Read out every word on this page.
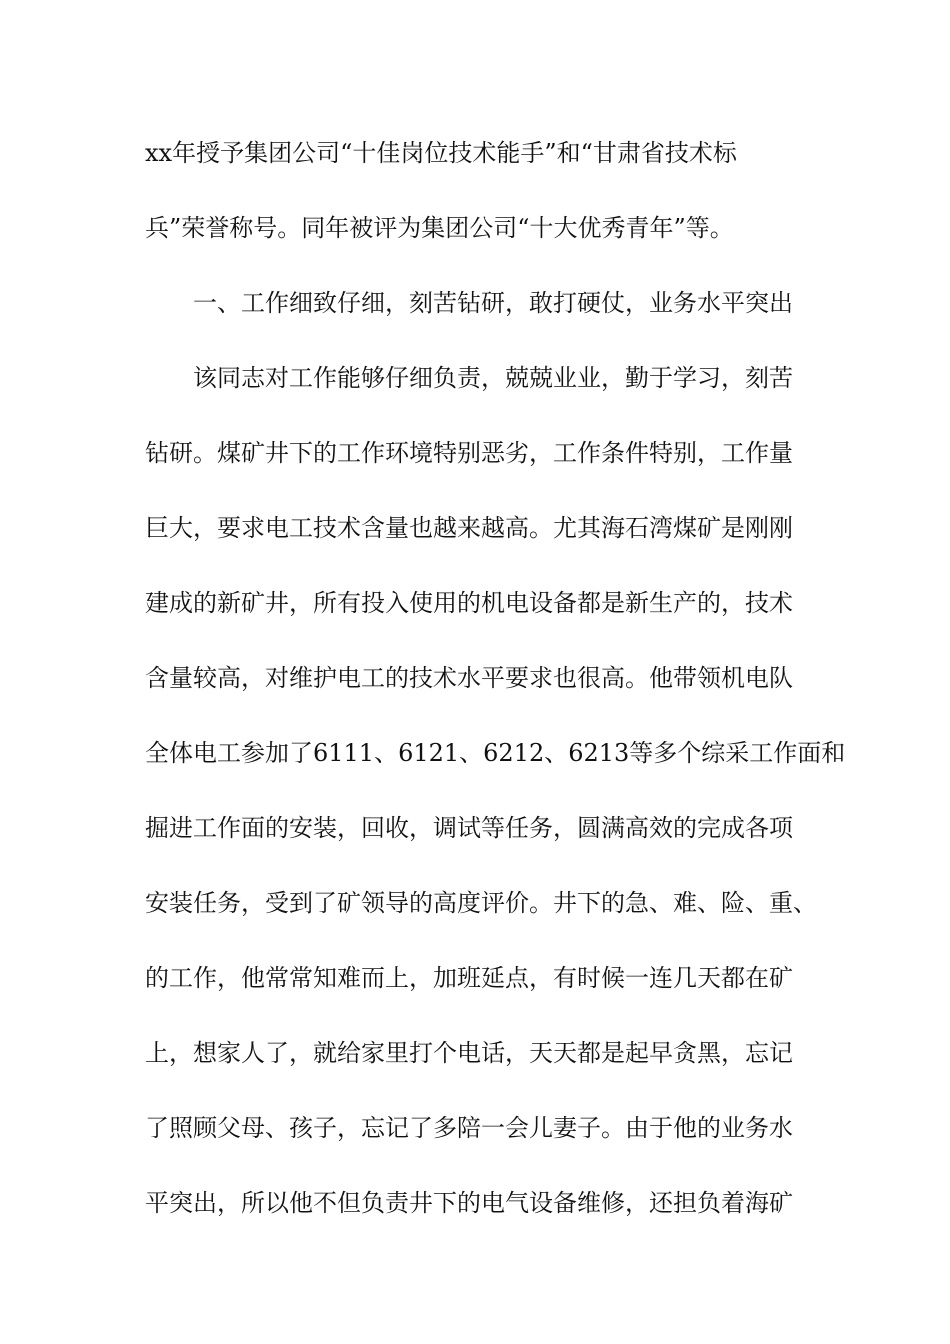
xx年授予集团公司“十佳岗位技术能手”和“甘肃省技术标
兵”荣誉称号。同年被评为集团公司“十大优秀青年”等。
一、工作细致仔细，刻苦钻研，敢打硬仗，业务水平突出
该同志对工作能够仔细负责，兢兢业业，勤于学习，刻苦
钻研。煤矿井下的工作环境特别恶劣，工作条件特别，工作量
巨大，要求电工技术含量也越来越高。尤其海石湾煤矿是刚刚
建成的新矿井，所有投入使用的机电设备都是新生产的，技术
含量较高，对维护电工的技术水平要求也很高。他带领机电队
全体电工参加了6111、6121、6212、6213等多个综采工作面和
掘进工作面的安装，回收，调试等任务，圆满高效的完成各项
安装任务，受到了矿领导的高度评价。井下的急、难、险、重、
的工作，他常常知难而上，加班延点，有时候一连几天都在矿
上，想家人了，就给家里打个电话，天天都是起早贪黑，忘记
了照顾父母、孩子，忘记了多陪一会儿妻子。由于他的业务水
平突出，所以他不但负责井下的电气设备维修，还担负着海矿
